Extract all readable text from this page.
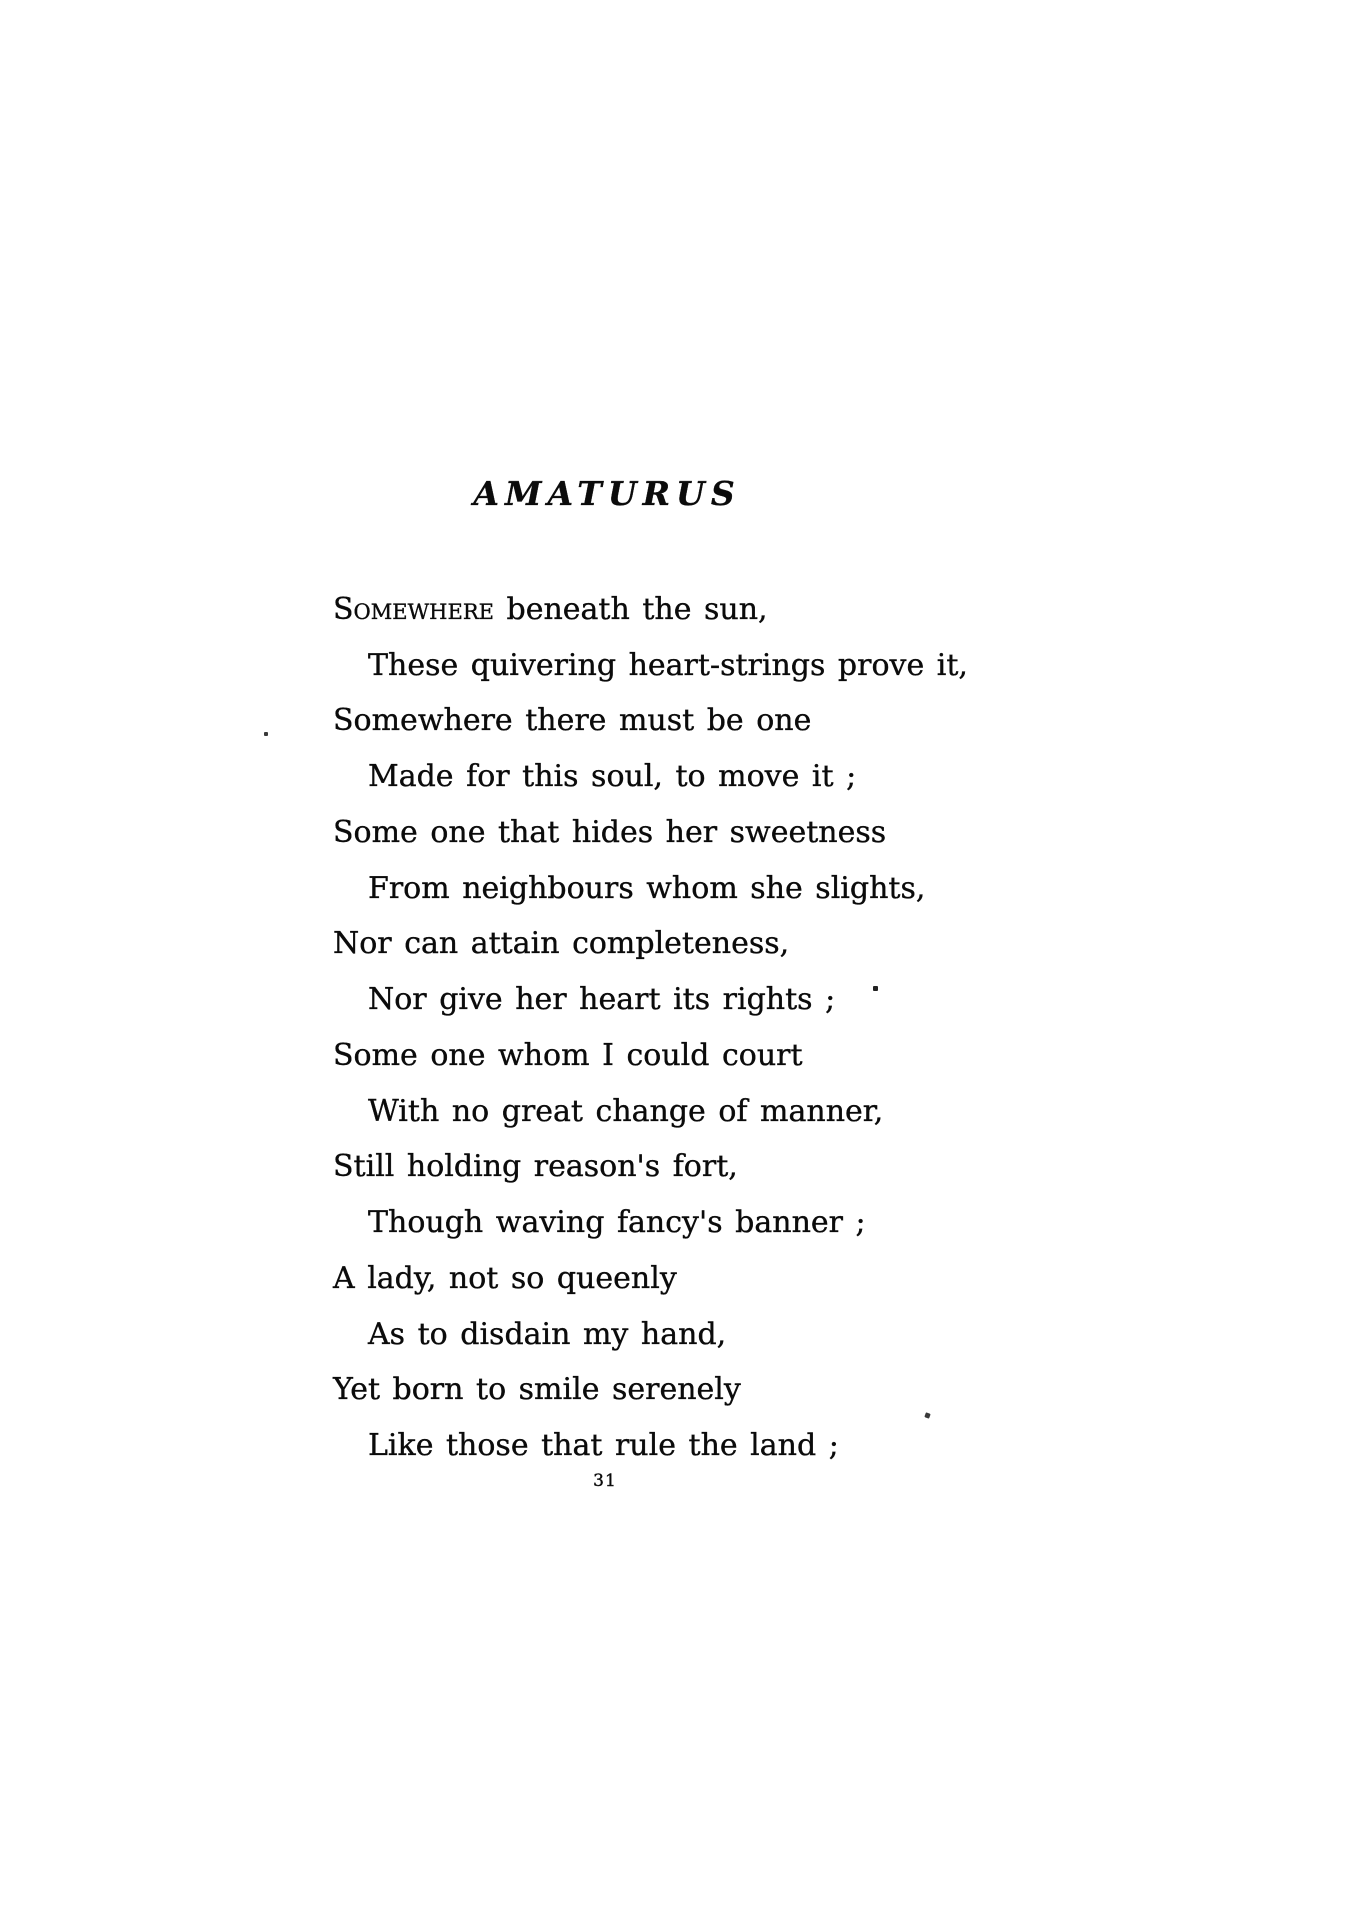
AMATURUS
Somewhere beneath the sun,
These quivering heart-strings prove it,
Somewhere there must be one
Made for this soul, to move it ;
Some one that hides her sweetness
From neighbours whom she slights,
Nor can attain completeness,
Nor give her heart its rights ;
Some one whom I could court
With no great change of manner,
Still holding reason's fort,
Though waving fancy's banner ;
A lady, not so queenly
As to disdain my hand,
Yet born to smile serenely
Like those that rule the land ;
31
